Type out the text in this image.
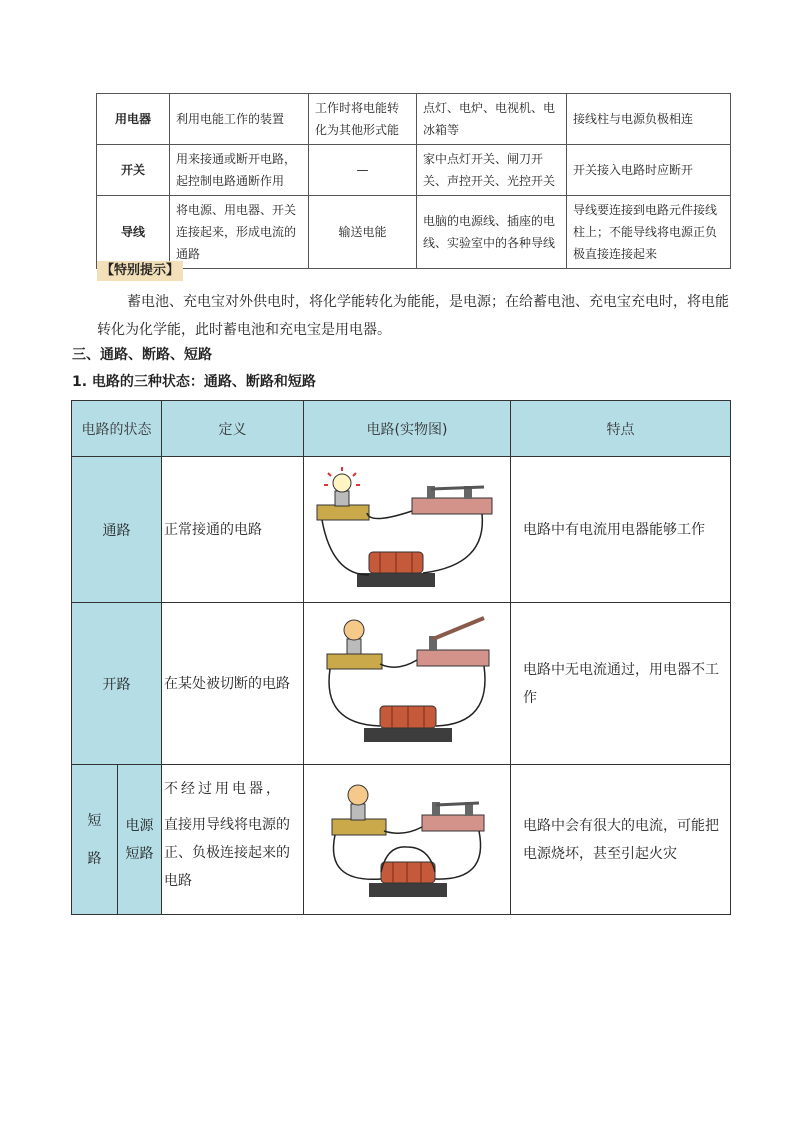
用电器	利用电能工作的装置	工作时将电能转化为其他形式能	点灯、电炉、电视机、电冰箱等	接线柱与电源负极相连
开关	用来接通或断开电路，起控制电路通断作用	—	家中点灯开关、闸刀开关、声控开关、光控开关	开关接入电路时应断开
导线	将电源、用电器、开关连接起来，形成电流的通路	输送电能	电脑的电源线、插座的电线、实验室中的各种导线	导线要连接到电路元件接线柱上；不能导线将电源正负极直接连接起来
【特别提示】

蓄电池、充电宝对外供电时，将化学能转化为能能，是电源；在给蓄电池、充电宝充电时，将电能转化为化学能，此时蓄电池和充电宝是用电器。

三、通路、断路、短路
1. 电路的三种状态：通路、断路和短路
电路的状态		定义	电路(实物图)	特点
通路		正常接通的电路		电路中有电流用电器能够工作
开路		在某处被切断的电路		电路中无电流通过，用电器不工作
短路	电源短路	不经过用电器，
直接用导线将电源的正、负极连接起来的电路		电路中会有很大的电流，可能把电源烧坏，甚至引起火灾
